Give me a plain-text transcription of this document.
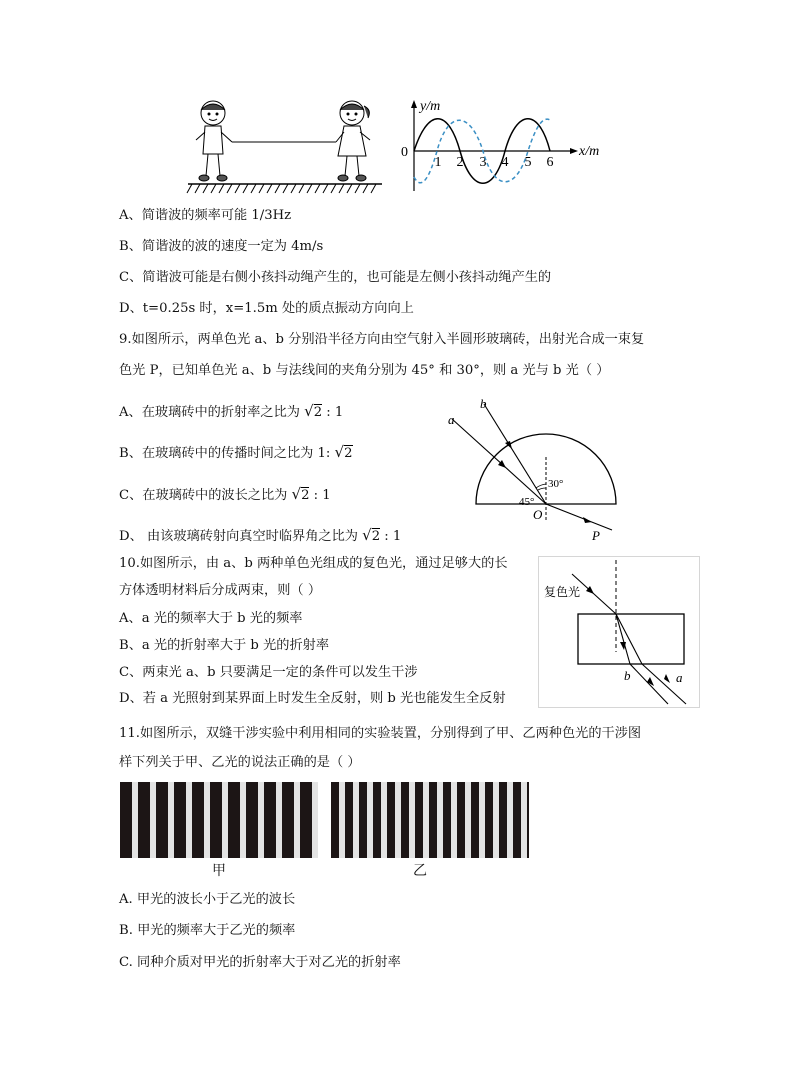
y/m
x/m
0
1 2 3 4 5 6
A、简谐波的频率可能 1/3Hz
B、简谐波的波的速度一定为 4m/s
C、简谐波可能是右侧小孩抖动绳产生的，也可能是左侧小孩抖动绳产生的
D、t=0.25s 时，x=1.5m 处的质点振动方向向上
9.如图所示，两单色光 a、b 分别沿半径方向由空气射入半圆形玻璃砖，出射光合成一束复
色光 P，已知单色光 a、b 与法线间的夹角分别为 45° 和 30°，则 a 光与 b 光（ ）
A、在玻璃砖中的折射率之比为 √2 : 1
B、在玻璃砖中的传播时间之比为 1: √2
C、在玻璃砖中的波长之比为 √2 : 1
D、 由该玻璃砖射向真空时临界角之比为 √2 : 1
a
b
30°
45°
O
P
10.如图所示，由 a、b 两种单色光组成的复色光，通过足够大的长
方体透明材料后分成两束，则（ ）
A、a 光的频率大于 b 光的频率
B、a 光的折射率大于 b 光的折射率
C、两束光 a、b 只要满足一定的条件可以发生干涉
D、若 a 光照射到某界面上时发生全反射，则 b 光也能发生全反射
复色光
b	a
11.如图所示，双缝干涉实验中利用相同的实验装置，分别得到了甲、乙两种色光的干涉图
样下列关于甲、乙光的说法正确的是（ ）
甲	乙
A. 甲光的波长小于乙光的波长
B. 甲光的频率大于乙光的频率
C. 同种介质对甲光的折射率大于对乙光的折射率
